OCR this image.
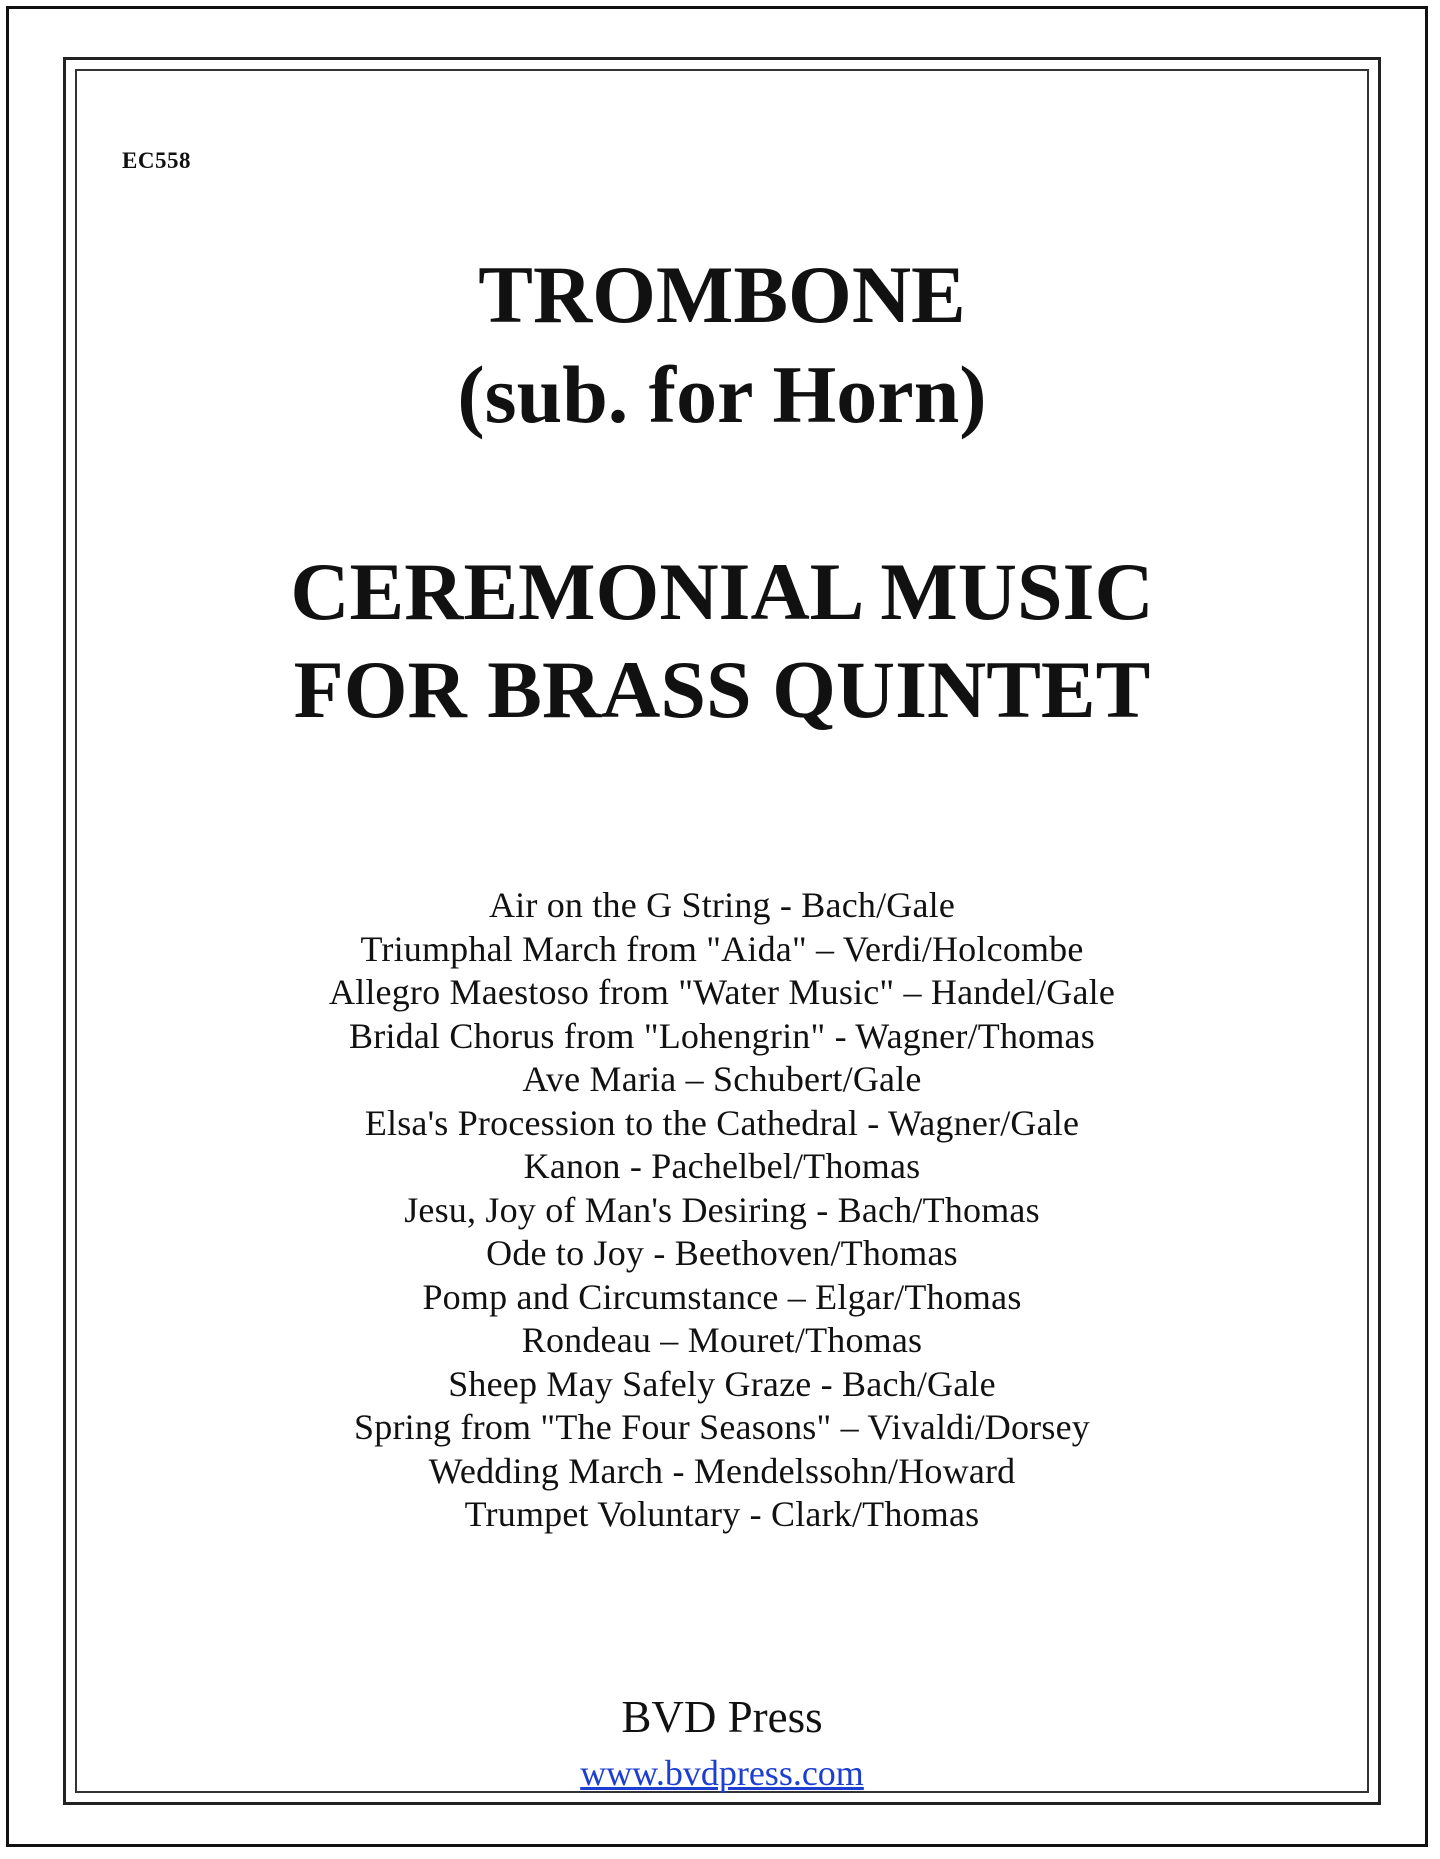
EC558
TROMBONE
(sub. for Horn)
CEREMONIAL MUSIC
FOR BRASS QUINTET
Air on the G String - Bach/Gale
Triumphal March from "Aida" – Verdi/Holcombe
Allegro Maestoso from "Water Music" – Handel/Gale
Bridal Chorus from "Lohengrin" - Wagner/Thomas
Ave Maria – Schubert/Gale
Elsa's Procession to the Cathedral - Wagner/Gale
Kanon - Pachelbel/Thomas
Jesu, Joy of Man's Desiring - Bach/Thomas
Ode to Joy - Beethoven/Thomas
Pomp and Circumstance – Elgar/Thomas
Rondeau – Mouret/Thomas
Sheep May Safely Graze - Bach/Gale
Spring from "The Four Seasons" – Vivaldi/Dorsey
Wedding March - Mendelssohn/Howard
Trumpet Voluntary - Clark/Thomas
BVD Press
www.bvdpress.com
